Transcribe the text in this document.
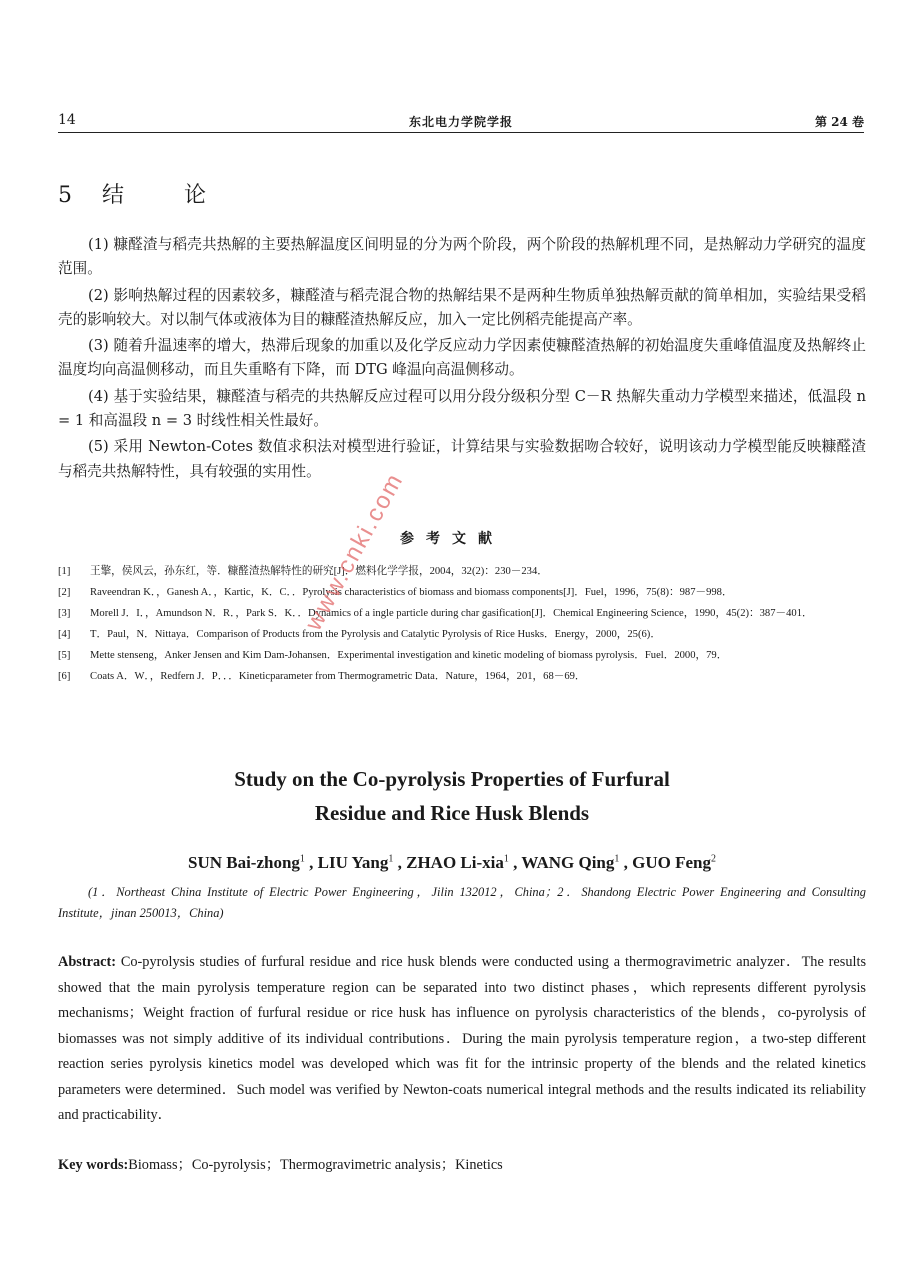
14	东北电力学院学报	第 24 卷
5 结	论

(1) 糠醛渣与稻壳共热解的主要热解温度区间明显的分为两个阶段，两个阶段的热解机理不同，是热解动力学研究的温度范围。

(2) 影响热解过程的因素较多，糠醛渣与稻壳混合物的热解结果不是两种生物质单独热解贡献的简单相加，实验结果受稻壳的影响较大。对以制气体或液体为目的糠醛渣热解反应，加入一定比例稻壳能提高产率。

(3) 随着升温速率的增大，热滞后现象的加重以及化学反应动力学因素使糠醛渣热解的初始温度失重峰值温度及热解终止温度均向高温侧移动，而且失重略有下降，而 DTG 峰温向高温侧移动。

(4) 基于实验结果，糠醛渣与稻壳的共热解反应过程可以用分段分级积分型 C－R 热解失重动力学模型来描述，低温段 n = 1 和高温段 n = 3 时线性相关性最好。

(5) 采用 Newton-Cotes 数值求积法对模型进行验证，计算结果与实验数据吻合较好，说明该动力学模型能反映糠醛渣与稻壳共热解特性，具有较强的实用性。

参考文献
[1]	王擎，侯风云，孙东红，等．糠醛渣热解特性的研究[J]．燃料化学学报，2004，32(2)：230－234．
[2]	Raveendran K．，Ganesh A．，Kartic，K．C．．Pyrolysis characteristics of biomass and biomass components[J]．Fuel，1996，75(8)：987－998．
[3]	Morell J．I．，Amundson N．R．，Park S．K．．Dynamics of a ingle particle during char gasification[J]．Chemical Engineering Science，1990，45(2)：387－401．
[4]	T．Paul，N．Nittaya．Comparison of Products from the Pyrolysis and Catalytic Pyrolysis of Rice Husks．Energy，2000，25(6)．
[5]	Mette stenseng，Anker Jensen and Kim Dam-Johansen．Experimental investigation and kinetic modeling of biomass pyrolysis．Fuel．2000，79．
[6]	Coats A．W．，Redfern J．P．．．Kineticparameter from Thermogrametric Data．Nature，1964，201，68－69．
Study on the Co-pyrolysis Properties of Furfural
Residue and Rice Husk Blends
SUN Bai-zhong$^1$ , LIU Yang$^1$ , ZHAO Li-xia$^1$ , WANG Qing$^1$ , GUO Feng$^2$
(1．Northeast China Institute of Electric Power Engineering，Jilin 132012，China；2．Shandong Electric Power Engineering and Consulting Institute，jinan 250013，China)
Abstract: Co-pyrolysis studies of furfural residue and rice husk blends were conducted using a thermogravimetric analyzer．The results showed that the main pyrolysis temperature region can be separated into two distinct phases，which represents different pyrolysis mechanisms；Weight fraction of furfural residue or rice husk has influence on pyrolysis characteristics of the blends，co-pyrolysis of biomasses was not simply additive of its individual contributions．During the main pyrolysis temperature region，a two-step different reaction series pyrolysis kinetics model was developed which was fit for the intrinsic property of the blends and the related kinetics parameters were determined．Such model was verified by Newton-coats numerical integral methods and the results indicated its reliability and practicability．
Key words:Biomass；Co-pyrolysis；Thermogravimetric analysis；Kinetics
www.cnki.com
